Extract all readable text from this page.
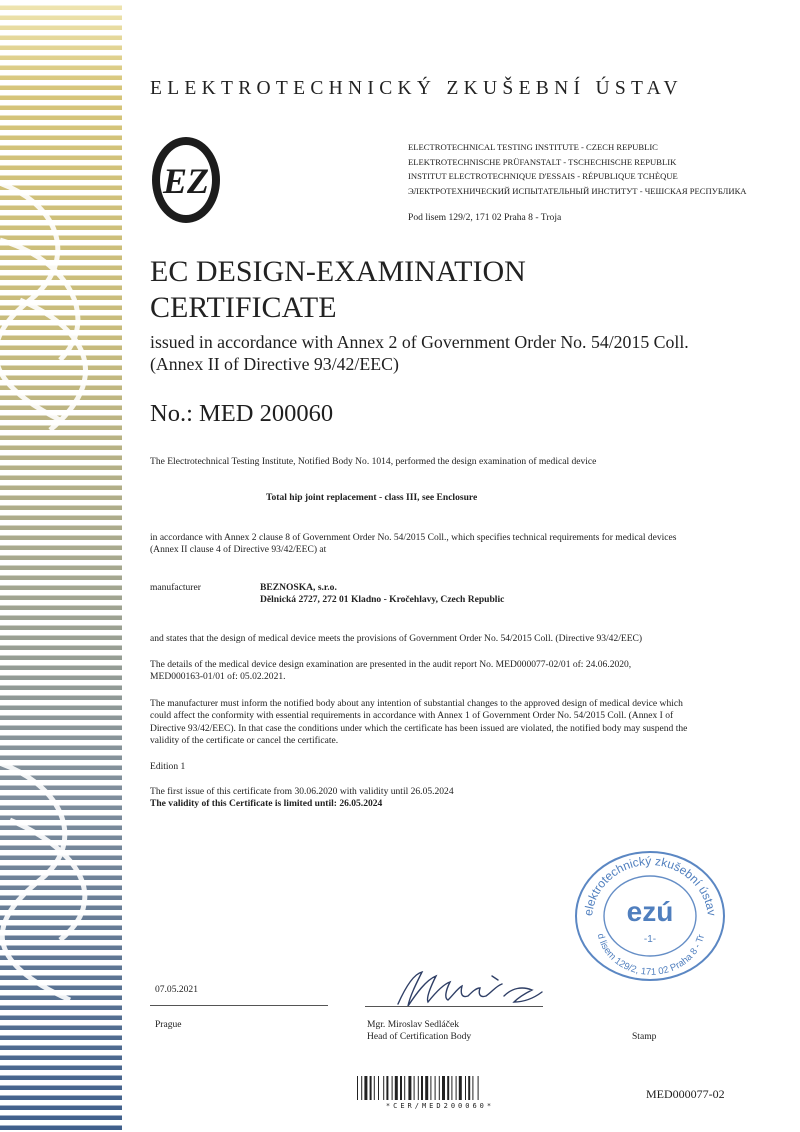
ELEKTROTECHNICKÝ ZKUŠEBNÍ ÚSTAV
EZ
ELECTROTECHNICAL TESTING INSTITUTE - CZECH REPUBLIC
ELEKTROTECHNISCHE PRÜFANSTALT - TSCHECHISCHE REPUBLIK
INSTITUT ELECTROTECHNIQUE D'ESSAIS - RÉPUBLIQUE TCHÈQUE
ЭЛЕКТРОТЕХНИЧЕСКИЙ ИСПЫТАТЕЛЬНЫЙ ИНСТИТУТ - ЧЕШСКАЯ РЕСПУБЛИКА
Pod lisem 129/2, 171 02 Praha 8 - Troja
EC DESIGN-EXAMINATION
CERTIFICATE
issued in accordance with Annex 2 of Government Order No. 54/2015 Coll.
(Annex II of Directive 93/42/EEC)
No.: MED 200060
The Electrotechnical Testing Institute, Notified Body No. 1014, performed the design examination of medical device
Total hip joint replacement - class III, see Enclosure
in accordance with Annex 2 clause 8 of Government Order No. 54/2015 Coll., which specifies technical requirements for medical devices
(Annex II clause 4 of Directive 93/42/EEC) at
manufacturer	BEZNOSKA, s.r.o.
Dělnická 2727, 272 01 Kladno - Kročehlavy, Czech Republic
and states that the design of medical device meets the provisions of Government Order No. 54/2015 Coll. (Directive 93/42/EEC)
The details of the medical device design examination are presented in the audit report No. MED000077-02/01 of: 24.06.2020,
MED000163-01/01 of: 05.02.2021.
The manufacturer must inform the notified body about any intention of substantial changes to the approved design of medical device which
could affect the conformity with essential requirements in accordance with Annex 1 of Government Order No. 54/2015 Coll. (Annex I of
Directive 93/42/EEC). In that case the conditions under which the certificate has been issued are violated, the notified body may suspend the
validity of the certificate or cancel the certificate.
Edition 1
The first issue of this certificate from 30.06.2020 with validity until 26.05.2024
The validity of this Certificate is limited until: 26.05.2024
elektrotechnický zkušební ústav
d lisem 129/2, 171 02 Praha 8 - Tr
ezú
-1-
07.05.2021
Prague	Mgr. Miroslav Sedláček
Head of Certification Body	Stamp
*CER/MED200060*
MED000077-02
